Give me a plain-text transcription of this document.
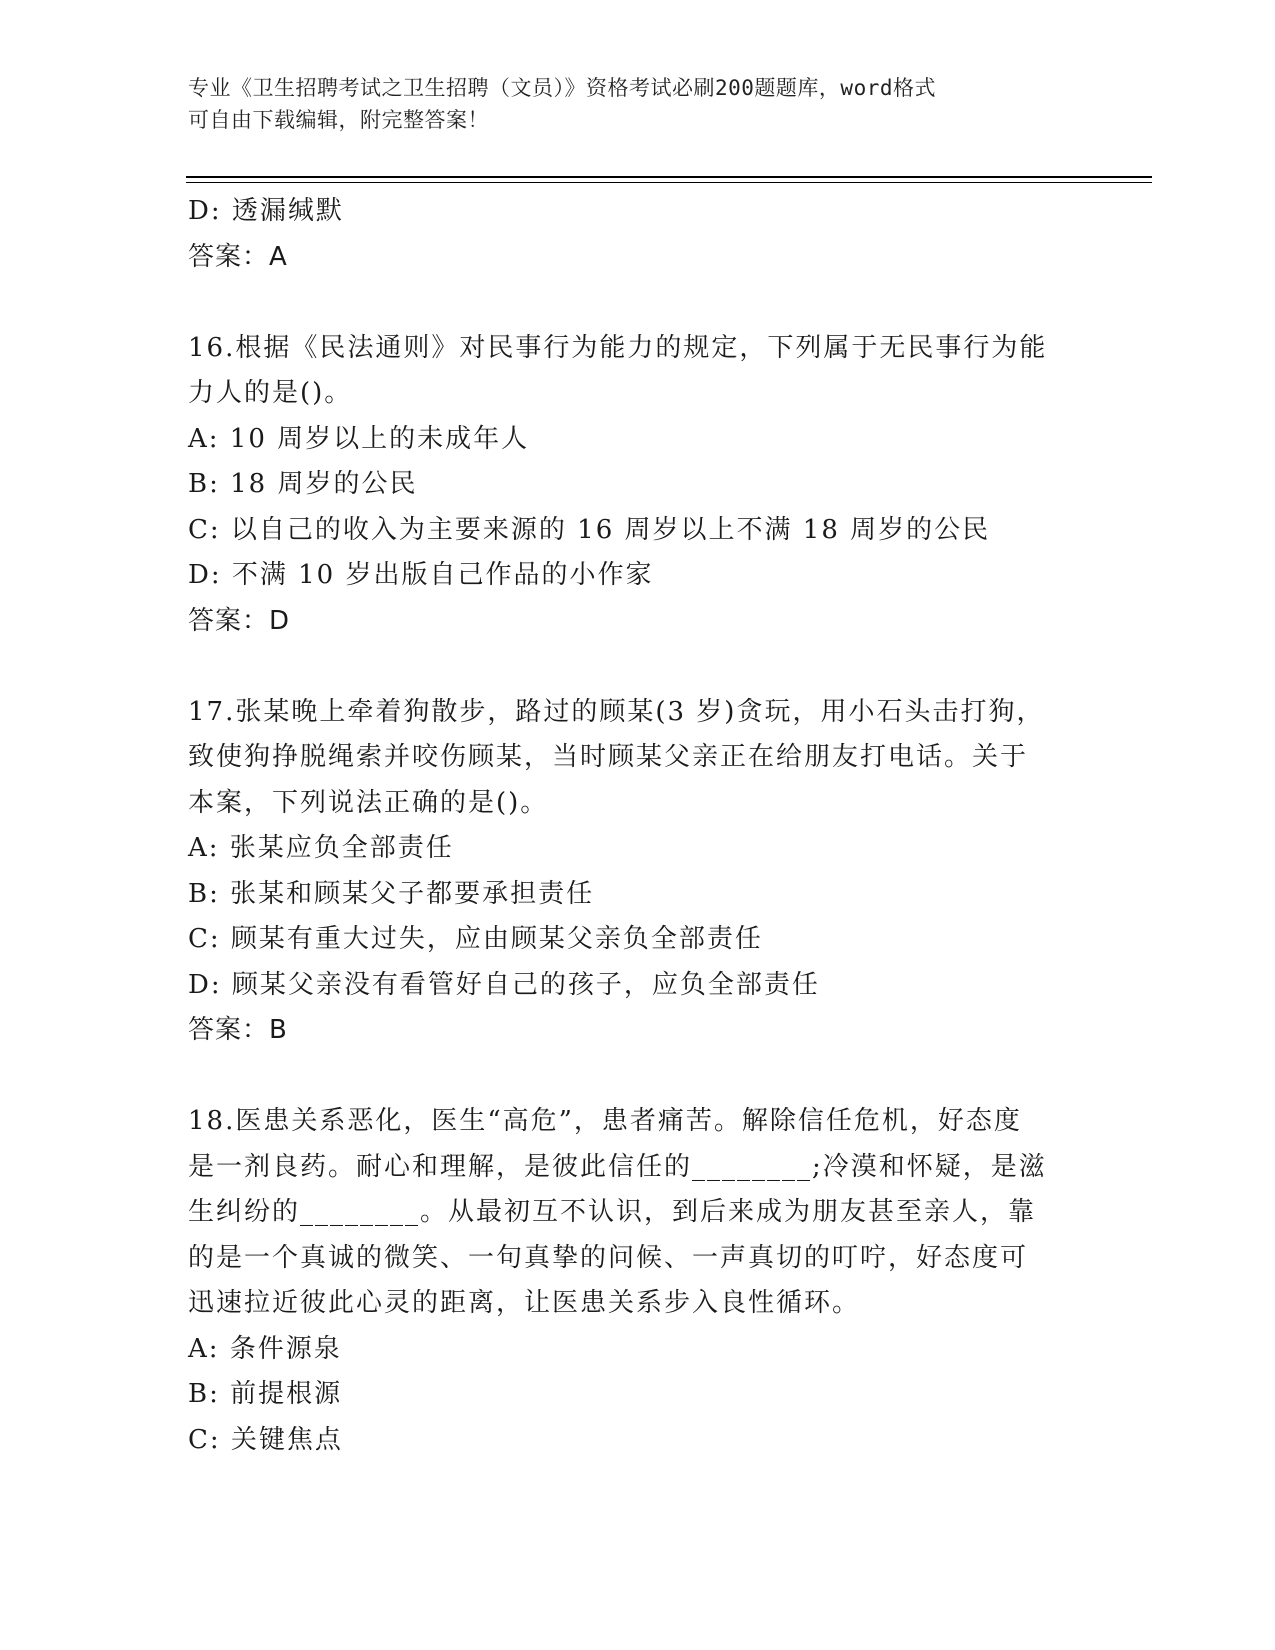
专业《卫生招聘考试之卫生招聘（文员）》资格考试必刷200题题库，word格式
可自由下载编辑，附完整答案！
D: 透漏缄默
答案：A
16.根据《民法通则》对民事行为能力的规定，下列属于无民事行为能
力人的是()。
A: 10 周岁以上的未成年人
B: 18 周岁的公民
C: 以自己的收入为主要来源的 16 周岁以上不满 18 周岁的公民
D: 不满 10 岁出版自己作品的小作家
答案：D
17.张某晚上牵着狗散步，路过的顾某(3 岁)贪玩，用小石头击打狗，
致使狗挣脱绳索并咬伤顾某，当时顾某父亲正在给朋友打电话。关于
本案，下列说法正确的是()。
A: 张某应负全部责任
B: 张某和顾某父子都要承担责任
C: 顾某有重大过失，应由顾某父亲负全部责任
D: 顾某父亲没有看管好自己的孩子，应负全部责任
答案：B
18.医患关系恶化，医生“高危”，患者痛苦。解除信任危机，好态度
是一剂良药。耐心和理解，是彼此信任的________;冷漠和怀疑，是滋
生纠纷的________。从最初互不认识，到后来成为朋友甚至亲人，靠
的是一个真诚的微笑、一句真挚的问候、一声真切的叮咛，好态度可
迅速拉近彼此心灵的距离，让医患关系步入良性循环。
A: 条件源泉
B: 前提根源
C: 关键焦点
